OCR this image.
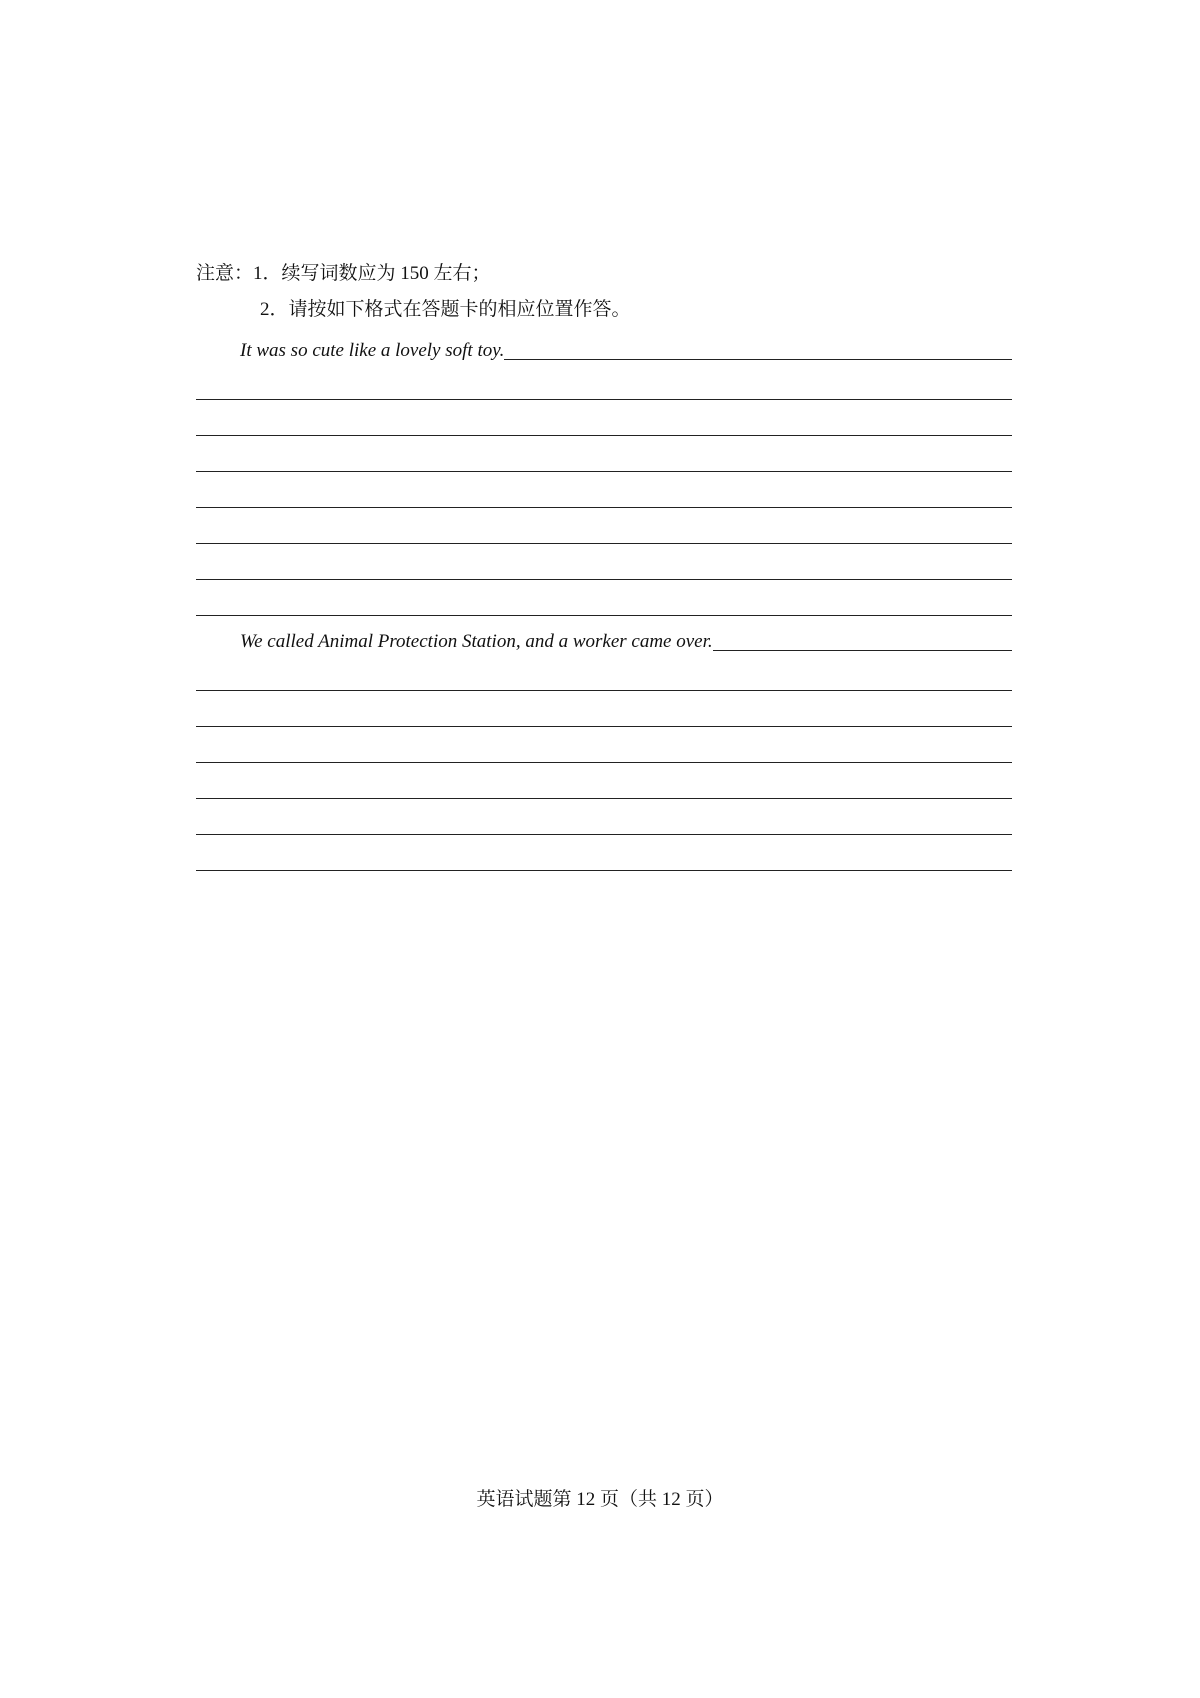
注意：1．续写词数应为 150 左右；
2．请按如下格式在答题卡的相应位置作答。
It was so cute like a lovely soft toy.
We called Animal Protection Station, and a worker came over.
英语试题第 12 页（共 12 页）
